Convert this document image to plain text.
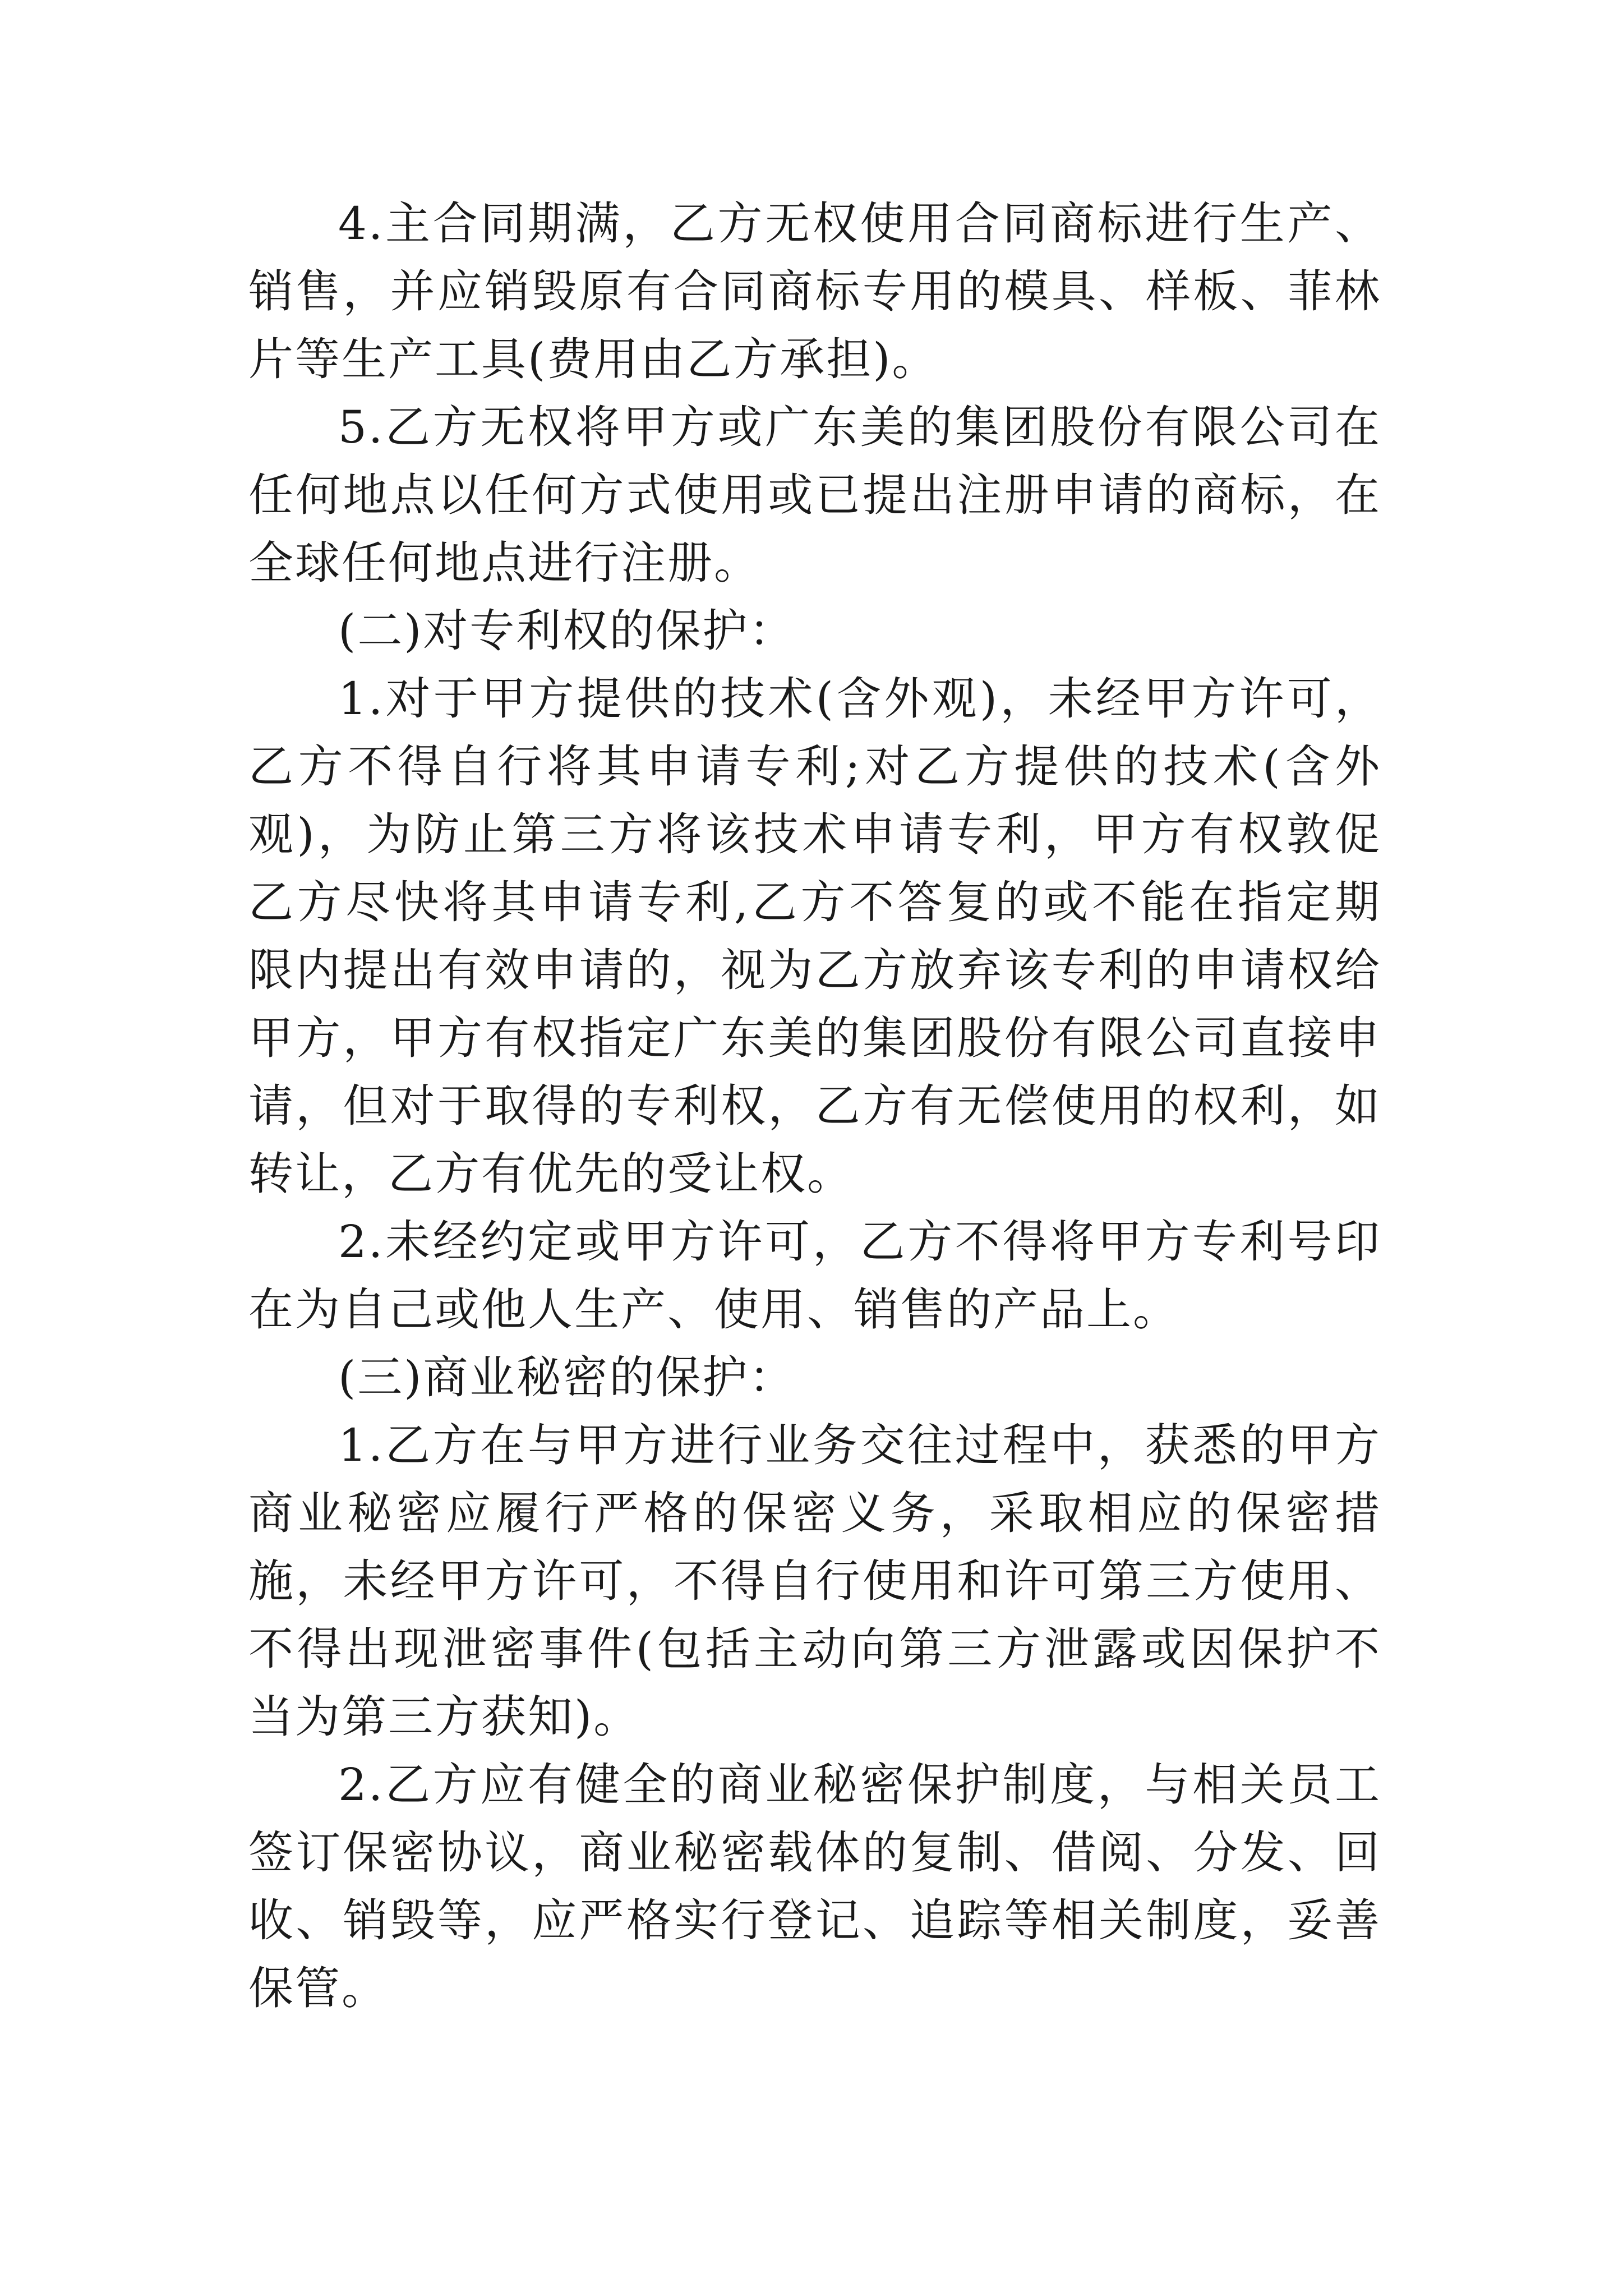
4.主合同期满，乙方无权使用合同商标进行生产、销售，并应销毁原有合同商标专用的模具、样板、菲林片等生产工具(费用由乙方承担)。

5.乙方无权将甲方或广东美的集团股份有限公司在任何地点以任何方式使用或已提出注册申请的商标，在全球任何地点进行注册。

(二)对专利权的保护：

1.对于甲方提供的技术(含外观)，未经甲方许可，乙方不得自行将其申请专利;对乙方提供的技术(含外观)，为防止第三方将该技术申请专利，甲方有权敦促乙方尽快将其申请专利,乙方不答复的或不能在指定期限内提出有效申请的，视为乙方放弃该专利的申请权给甲方，甲方有权指定广东美的集团股份有限公司直接申请，但对于取得的专利权，乙方有无偿使用的权利，如转让，乙方有优先的受让权。

2.未经约定或甲方许可，乙方不得将甲方专利号印在为自己或他人生产、使用、销售的产品上。

(三)商业秘密的保护：

1.乙方在与甲方进行业务交往过程中，获悉的甲方商业秘密应履行严格的保密义务，采取相应的保密措施，未经甲方许可，不得自行使用和许可第三方使用、不得出现泄密事件(包括主动向第三方泄露或因保护不当为第三方获知)。

2.乙方应有健全的商业秘密保护制度，与相关员工签订保密协议，商业秘密载体的复制、借阅、分发、回收、销毁等，应严格实行登记、追踪等相关制度，妥善保管。
